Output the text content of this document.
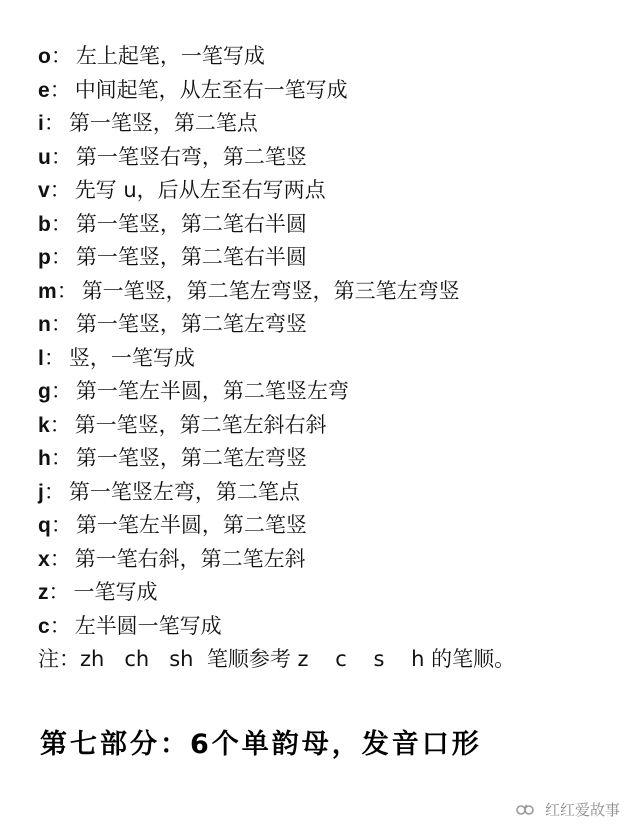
o： 左上起笔，一笔写成
e： 中间起笔，从左至右一笔写成
i： 第一笔竖，第二笔点
u： 第一笔竖右弯，第二笔竖
v： 先写 u，后从左至右写两点
b： 第一笔竖，第二笔右半圆
p： 第一笔竖，第二笔右半圆
m： 第一笔竖，第二笔左弯竖，第三笔左弯竖
n： 第一笔竖，第二笔左弯竖
l： 竖，一笔写成
g： 第一笔左半圆，第二笔竖左弯
k： 第一笔竖，第二笔左斜右斜
h： 第一笔竖，第二笔左弯竖
j： 第一笔竖左弯，第二笔点
q： 第一笔左半圆，第二笔竖
x： 第一笔右斜，第二笔左斜
z： 一笔写成
c： 左半圆一笔写成
注：zh   ch   sh  笔顺参考 z    c    s    h 的笔顺。
第七部分：6个单韵母，发音口形
红红爱故事
